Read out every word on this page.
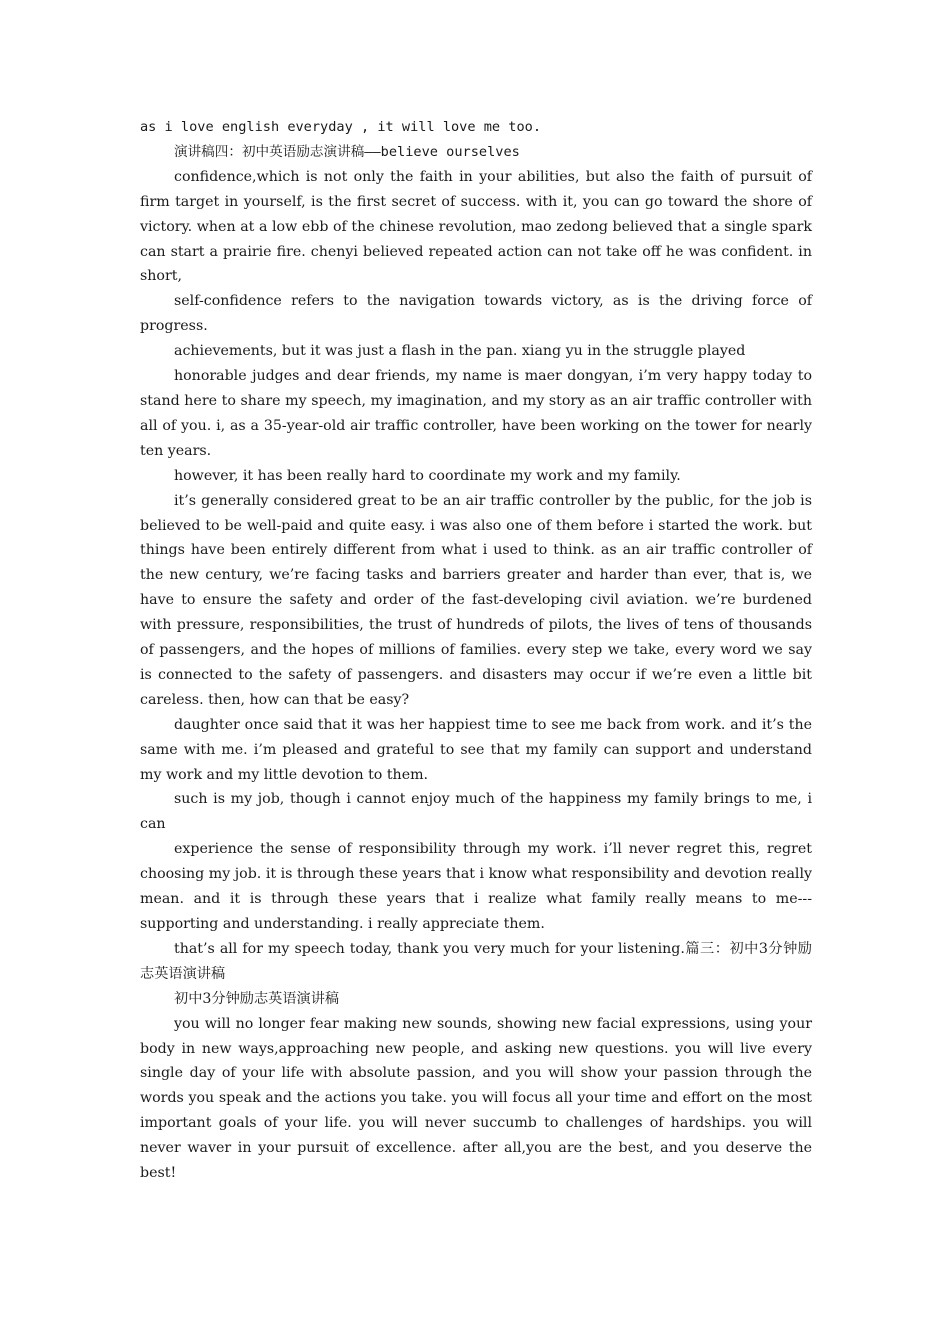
as i love english everyday , it will love me too.

演讲稿四：初中英语励志演讲稿——believe ourselves

confidence,which is not only the faith in your abilities, but also the faith of pursuit of firm target in yourself, is the first secret of success. with it, you can go toward the shore of victory. when at a low ebb of the chinese revolution, mao zedong believed that a single spark can start a prairie fire. chenyi believed repeated action can not take off he was confident. in short,

self-confidence refers to the navigation towards victory, as is the driving force of progress.

achievements, but it was just a flash in the pan. xiang yu in the struggle played

honorable judges and dear friends, my name is maer dongyan, i’m very happy today to stand here to share my speech, my imagination, and my story as an air traffic controller with all of you. i, as a 35-year-old air traffic controller, have been working on the tower for nearly ten years.

however, it has been really hard to coordinate my work and my family.

it’s generally considered great to be an air traffic controller by the public, for the job is believed to be well-paid and quite easy. i was also one of them before i started the work. but things have been entirely different from what i used to think. as an air traffic controller of the new century, we’re facing tasks and barriers greater and harder than ever, that is, we have to ensure the safety and order of the fast-developing civil aviation. we’re burdened with pressure, responsibilities, the trust of hundreds of pilots, the lives of tens of thousands of passengers, and the hopes of millions of families. every step we take, every word we say is connected to the safety of passengers. and disasters may occur if we’re even a little bit careless. then, how can that be easy?

daughter once said that it was her happiest time to see me back from work. and it’s the same with me. i’m pleased and grateful to see that my family can support and understand my work and my little devotion to them.

such is my job, though i cannot enjoy much of the happiness my family brings to me, i can

experience the sense of responsibility through my work. i’ll never regret this, regret choosing my job. it is through these years that i know what responsibility and devotion really mean. and it is through these years that i realize what family really means to me---supporting and understanding. i really appreciate them.

that’s all for my speech today, thank you very much for your listening.篇三：初中3分钟励志英语演讲稿

初中3分钟励志英语演讲稿

you will no longer fear making new sounds, showing new facial expressions, using your body in new ways,approaching new people, and asking new questions. you will live every single day of your life with absolute passion, and you will show your passion through the words you speak and the actions you take. you will focus all your time and effort on the most important goals of your life. you will never succumb to challenges of hardships. you will never waver in your pursuit of excellence. after all,you are the best, and you deserve the best!
